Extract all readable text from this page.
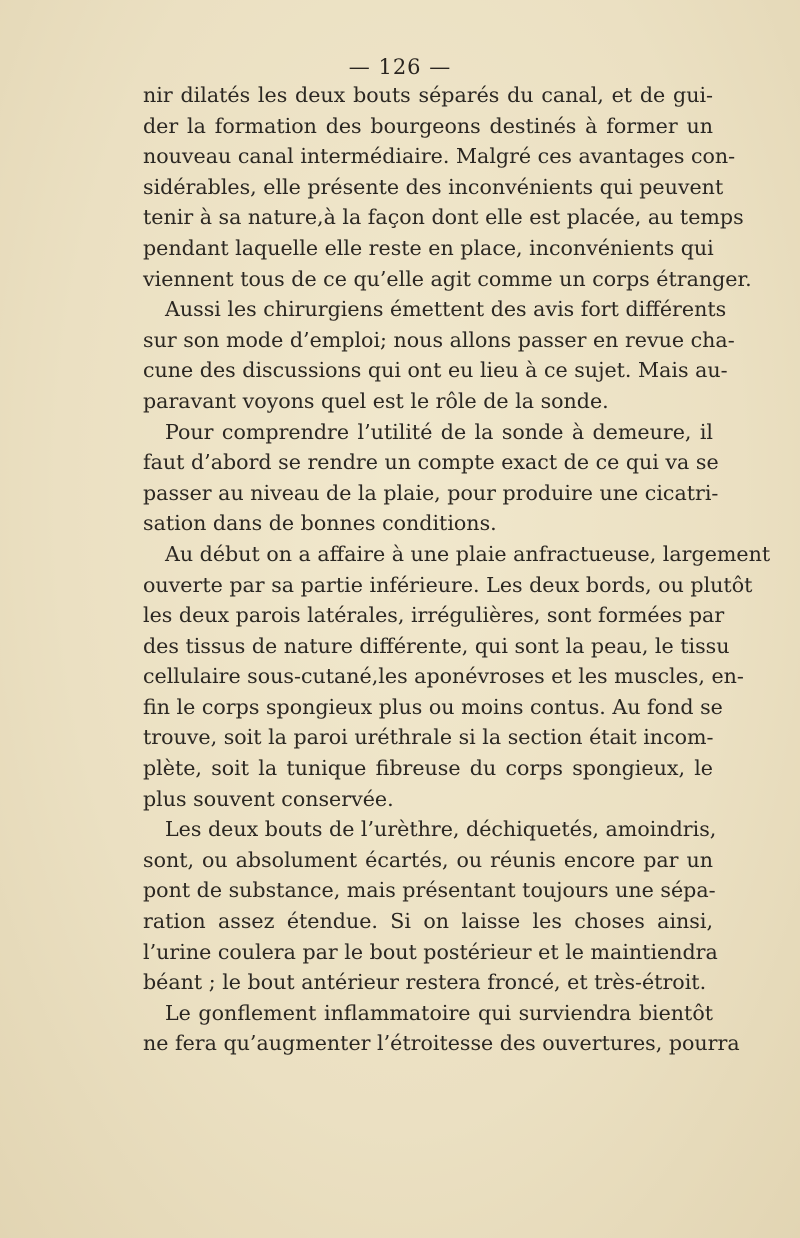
— 126 —
nir dilatés les deux bouts séparés du canal, et de gui-
der la formation des bourgeons destinés à former un
nouveau canal intermédiaire. Malgré ces avantages con-
sidérables, elle présente des inconvénients qui peuvent
tenir à sa nature,à la façon dont elle est placée, au temps
pendant laquelle elle reste en place, inconvénients qui
viennent tous de ce qu’elle agit comme un corps étranger.
Aussi les chirurgiens émettent des avis fort différents
sur son mode d’emploi; nous allons passer en revue cha-
cune des discussions qui ont eu lieu à ce sujet. Mais au-
paravant voyons quel est le rôle de la sonde.
Pour comprendre l’utilité de la sonde à demeure, il
faut d’abord se rendre un compte exact de ce qui va se
passer au niveau de la plaie, pour produire une cicatri-
sation dans de bonnes conditions.
Au début on a affaire à une plaie anfractueuse, largement
ouverte par sa partie inférieure. Les deux bords, ou plutôt
les deux parois latérales, irrégulières, sont formées par
des tissus de nature différente, qui sont la peau, le tissu
cellulaire sous-cutané,les aponévroses et les muscles, en-
fin le corps spongieux plus ou moins contus. Au fond se
trouve, soit la paroi uréthrale si la section était incom-
plète, soit la tunique fibreuse du corps spongieux, le
plus souvent conservée.
Les deux bouts de l’urèthre, déchiquetés, amoindris,
sont, ou absolument écartés, ou réunis encore par un
pont de substance, mais présentant toujours une sépa-
ration assez étendue. Si on laisse les choses ainsi,
l’urine coulera par le bout postérieur et le maintiendra
béant ; le bout antérieur restera froncé, et très-étroit.
Le gonflement inflammatoire qui surviendra bientôt
ne fera qu’augmenter l’étroitesse des ouvertures, pourra
